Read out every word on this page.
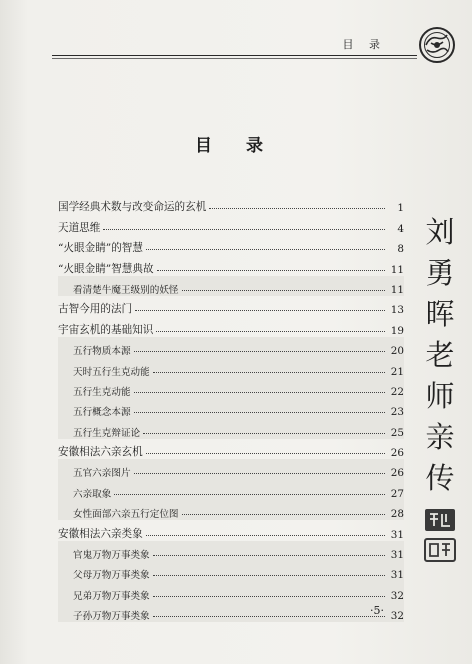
目 录
目 录
国学经典术数与改变命运的玄机	1
天道思维	4
“火眼金睛”的智慧	8
“火眼金睛”智慧典故	11
看清楚牛魔王级别的妖怪	11
古智今用的法门	13
宇宙玄机的基础知识	19
五行物质本源	20
天时五行生克动能	21
五行生克动能	22
五行概念本源	23
五行生克辩证论	25
安徽相法六亲玄机	26
五官六亲图片	26
六亲取象	27
女性面部六亲五行定位图	28
安徽相法六亲类象	31
官鬼万物万事类象	31
父母万物万事类象	31
兄弟万物万事类象	32
子孙万物万事类象	32
·5·
刘
勇
晖
老
师
亲
传
